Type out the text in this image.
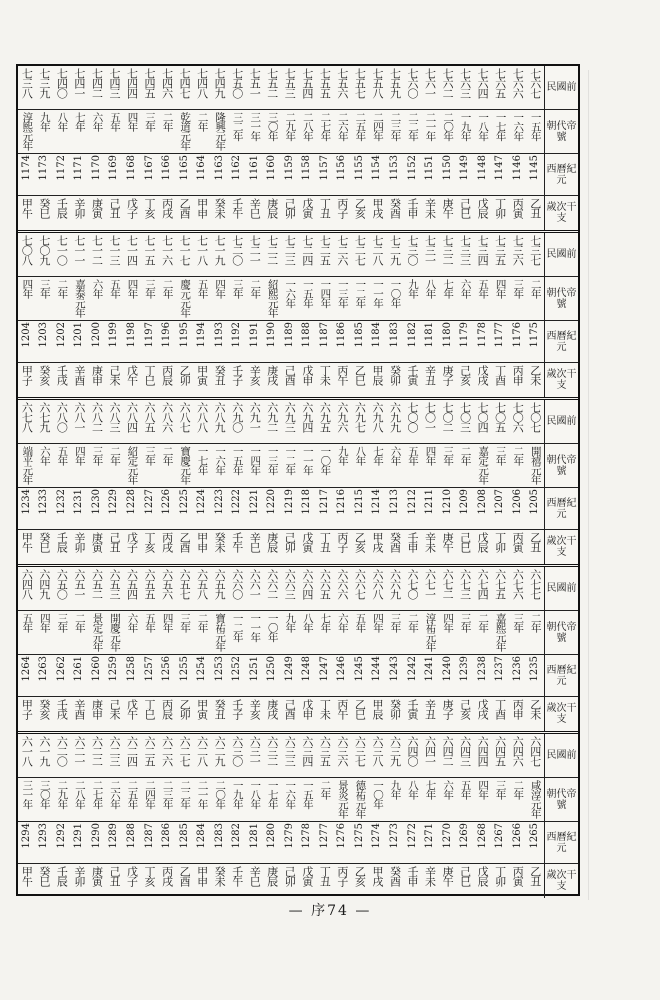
民國前
朝代帝號
西曆紀元
歲次干支
七六七
一五年
1145
乙丑
七六六
一六年
1146
丙寅
七六五
一七年
1147
丁卯
七六四
一八年
1148
戊辰
七六三
一九年
1149
己巳
七六二
二〇年
1150
庚午
七六一
二一年
1151
辛未
七六〇
二二年
1152
壬申
七五九
二三年
1153
癸酉
七五八
二四年
1154
甲戌
七五七
二五年
1155
乙亥
七五六
二六年
1156
丙子
七五五
二七年
1157
丁丑
七五四
二八年
1158
戊寅
七五三
二九年
1159
己卯
七五二
三〇年
1160
庚辰
七五一
三一年
1161
辛巳
七五〇
三二年
1162
壬午
七四九
隆興元年
1163
癸未
七四八
二年
1164
甲申
七四七
乾道元年
1165
乙酉
七四六
二年
1166
丙戌
七四五
三年
1167
丁亥
七四四
四年
1168
戊子
七四三
五年
1169
己丑
七四二
六年
1170
庚寅
七四一
七年
1171
辛卯
七四〇
八年
1172
壬辰
七三九
九年
1173
癸巳
七三八
淳熙元年
1174
甲午
民國前
朝代帝號
西曆紀元
歲次干支
七三七
二年
1175
乙未
七三六
三年
1176
丙申
七三五
四年
1177
丁酉
七三四
五年
1178
戊戌
七三三
六年
1179
己亥
七三二
七年
1180
庚子
七三一
八年
1181
辛丑
七三〇
九年
1182
壬寅
七二九
一〇年
1183
癸卯
七二八
一一年
1184
甲辰
七二七
一二年
1185
乙巳
七二六
一三年
1186
丙午
七二五
一四年
1187
丁未
七二四
一五年
1188
戊申
七二三
一六年
1189
己酉
七二二
紹熙元年
1190
庚戌
七二一
二年
1191
辛亥
七二〇
三年
1192
壬子
七一九
四年
1193
癸丑
七一八
五年
1194
甲寅
七一七
慶元元年
1195
乙卯
七一六
二年
1196
丙辰
七一五
三年
1197
丁巳
七一四
四年
1198
戊午
七一三
五年
1199
己未
七一二
六年
1200
庚申
七一一
嘉泰元年
1201
辛酉
七一〇
二年
1202
壬戌
七〇九
三年
1203
癸亥
七〇八
四年
1204
甲子
民國前
朝代帝號
西曆紀元
歲次干支
七〇七
開禧元年
1205
乙丑
七〇六
二年
1206
丙寅
七〇五
三年
1207
丁卯
七〇四
嘉定元年
1208
戊辰
七〇三
二年
1209
己巳
七〇二
三年
1210
庚午
七〇一
四年
1211
辛未
七〇〇
五年
1212
壬申
六九九
六年
1213
癸酉
六九八
七年
1214
甲戌
六九七
八年
1215
乙亥
六九六
九年
1216
丙子
六九五
一〇年
1217
丁丑
六九四
一一年
1218
戊寅
六九三
一二年
1219
己卯
六九二
一三年
1220
庚辰
六九一
一四年
1221
辛巳
六九〇
一五年
1222
壬午
六八九
一六年
1223
癸未
六八八
一七年
1224
甲申
六八七
寶慶元年
1225
乙酉
六八六
二年
1226
丙戌
六八五
三年
1227
丁亥
六八四
紹定元年
1228
戊子
六八三
二年
1229
己丑
六八二
三年
1230
庚寅
六八一
四年
1231
辛卯
六八〇
五年
1232
壬辰
六七九
六年
1233
癸巳
六七八
端平元年
1234
甲午
民國前
朝代帝號
西曆紀元
歲次干支
六七七
二年
1235
乙未
六七六
三年
1236
丙申
六七五
嘉熙元年
1237
丁酉
六七四
二年
1238
戊戌
六七三
三年
1239
己亥
六七二
四年
1240
庚子
六七一
淳祐元年
1241
辛丑
六七〇
二年
1242
壬寅
六六九
三年
1243
癸卯
六六八
四年
1244
甲辰
六六七
五年
1245
乙巳
六六六
六年
1246
丙午
六六五
七年
1247
丁未
六六四
八年
1248
戊申
六六三
九年
1249
己酉
六六二
一〇年
1250
庚戌
六六一
一一年
1251
辛亥
六六〇
一二年
1252
壬子
六五九
寶祐元年
1253
癸丑
六五八
二年
1254
甲寅
六五七
三年
1255
乙卯
六五六
四年
1256
丙辰
六五五
五年
1257
丁巳
六五四
六年
1258
戊午
六五三
開慶元年
1259
己未
六五二
景定元年
1260
庚申
六五一
二年
1261
辛酉
六五〇
三年
1262
壬戌
六四九
四年
1263
癸亥
六四八
五年
1264
甲子
民國前
朝代帝號
西曆紀元
歲次干支
六四七
咸淳元年
1265
乙丑
六四六
二年
1266
丙寅
六四五
三年
1267
丁卯
六四四
四年
1268
戊辰
六四三
五年
1269
己巳
六四二
六年
1270
庚午
六四一
七年
1271
辛未
六四〇
八年
1272
壬申
六三九
九年
1273
癸酉
六三八
一〇年
1274
甲戌
六三七
德祐元年
1275
乙亥
六三六
景炎元年
1276
丙子
六三五
二年
1277
丁丑
六三四
一五年
1278
戊寅
六三三
一六年
1279
己卯
六三二
一七年
1280
庚辰
六三一
一八年
1281
辛巳
六三〇
一九年
1282
壬午
六二九
二〇年
1283
癸未
六二八
二一年
1284
甲申
六二七
二二年
1285
乙酉
六二六
二三年
1286
丙戌
六二五
二四年
1287
丁亥
六二四
二五年
1288
戊子
六二三
二六年
1289
己丑
六二二
二七年
1290
庚寅
六二一
二八年
1291
辛卯
六二〇
二九年
1292
壬辰
六一九
三〇年
1293
癸巳
六一八
三一年
1294
甲午
— 序74 —
